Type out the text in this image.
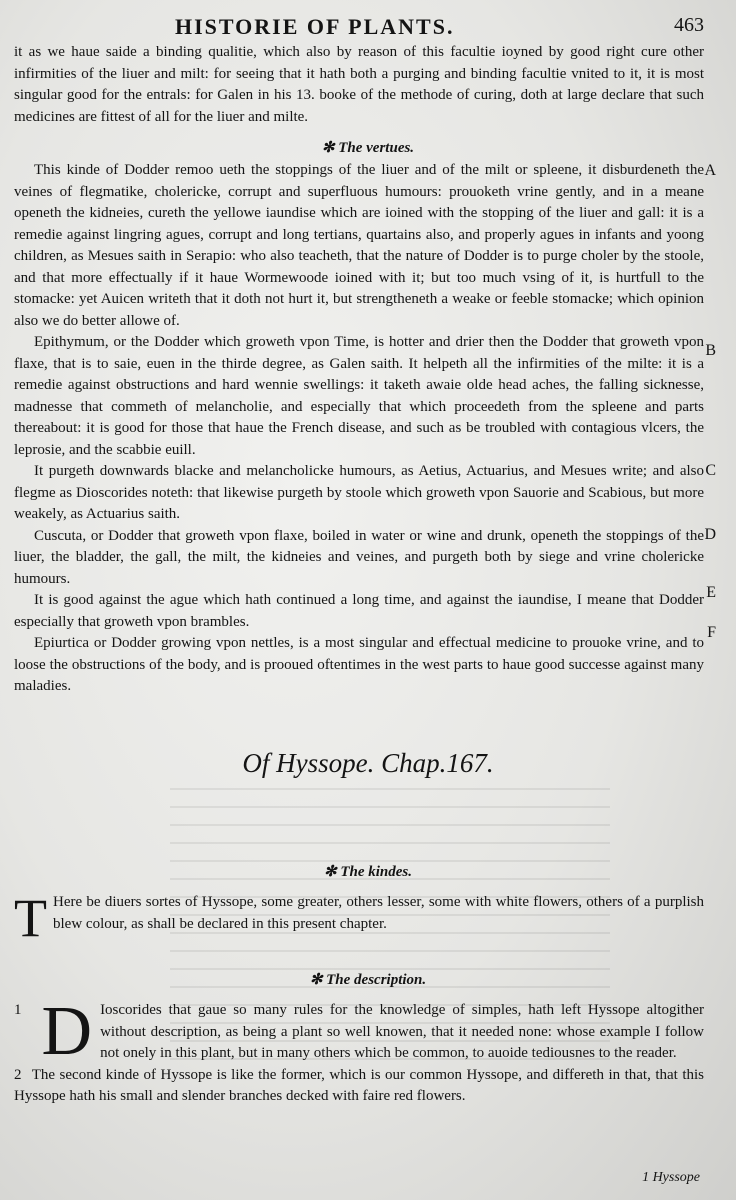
HISTORIE OF PLANTS.	463

it as we haue saide a binding qualitie, which also by reason of this facultie ioyned by good right cure other infirmities of the liuer and milt: for seeing that it hath both a purging and binding facultie vnited to it, it is most singular good for the entrals: for Galen in his 13. booke of the methode of curing, doth at large declare that such medicines are fittest of all for the liuer and milte.

✻ The vertues.

This kinde of Dodder remoo ueth the stoppings of the liuer and of the milt or spleene, it disburdeneth the veines of flegmatike, cholericke, corrupt and superfluous humours: prouoketh vrine gently, and in a meane openeth the kidneies, cureth the yellowe iaundise which are ioined with the stopping of the liuer and gall: it is a remedie against lingring agues, corrupt and long tertians, quartains also, and properly agues in infants and yoong children, as Mesues saith in Serapio: who also teacheth, that the nature of Dodder is to purge choler by the stoole, and that more effectually if it haue Wormewoode ioined with it; but too much vsing of it, is hurtfull to the stomacke: yet Auicen writeth that it doth not hurt it, but strengtheneth a weake or feeble stomacke; which opinion also we do better allowe of.

Epithymum, or the Dodder which groweth vpon Time, is hotter and drier then the Dodder that groweth vpon flaxe, that is to saie, euen in the thirde degree, as Galen saith. It helpeth all the infirmities of the milte: it is a remedie against obstructions and hard wennie swellings: it taketh awaie olde head aches, the falling sicknesse, madnesse that commeth of melancholie, and especially that which proceedeth from the spleene and parts thereabout: it is good for those that haue the French disease, and such as be troubled with contagious vlcers, the leprosie, and the scabbie euill.

It purgeth downwards blacke and melancholicke humours, as Aetius, Actuarius, and Mesues write; and also flegme as Dioscorides noteth: that likewise purgeth by stoole which groweth vpon Sauorie and Scabious, but more weakely, as Actuarius saith.

Cuscuta, or Dodder that groweth vpon flaxe, boiled in water or wine and drunk, openeth the stoppings of the liuer, the bladder, the gall, the milt, the kidneies and veines, and purgeth both by siege and vrine cholericke humours.

It is good against the ague which hath continued a long time, and against the iaundise, I meane that Dodder especially that groweth vpon brambles.

Epiurtica or Dodder growing vpon nettles, is a most singular and effectual medicine to prouoke vrine, and to loose the obstructions of the body, and is prooued oftentimes in the west parts to haue good successe against many maladies.

A
B
C
D
E
F
Of Hyssope. Chap.167.
✻ The kindes.
T Here be diuers sortes of Hyssope, some greater, others lesser, some with white flowers, others of a purplish blew colour, as shall be declared in this present chapter.
✻ The description.
1 D Ioscorides that gaue so many rules for the knowledge of simples, hath left Hyssope altogither without description, as being a plant so well knowen, that it needed none: whose example I follow not onely in this plant, but in many others which be common, to auoide tediousnes to the reader.
2 The second kinde of Hyssope is like the former, which is our common Hyssope, and differeth in that, that this Hyssope hath his small and slender branches decked with faire red flowers.
1 Hyssope
